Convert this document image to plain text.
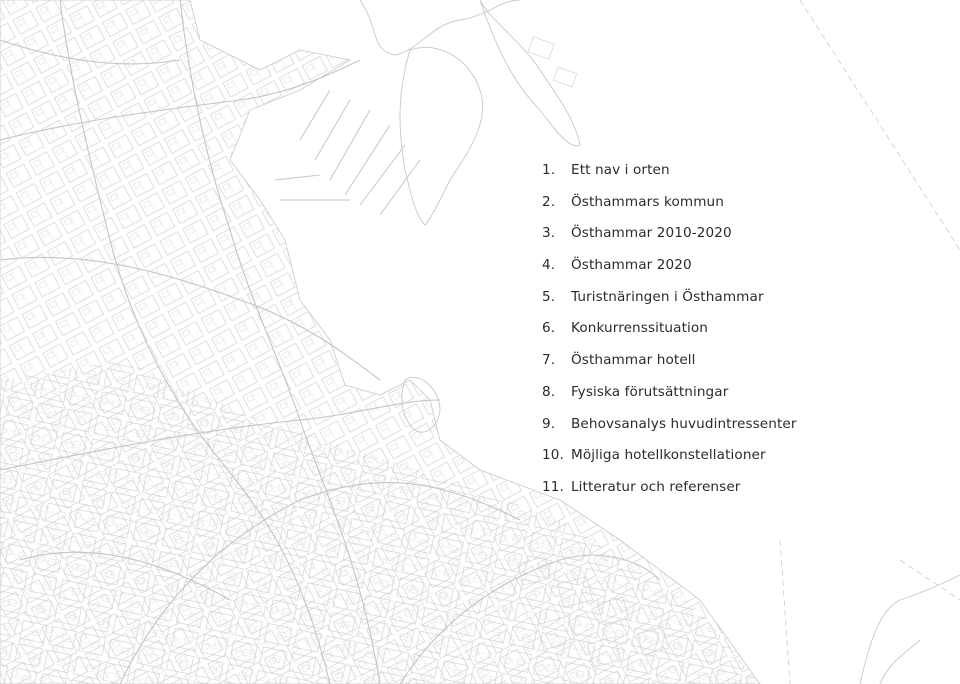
1.	Ett nav i orten
2.	Östhammars kommun
3.	Östhammar 2010-2020
4.	Östhammar 2020
5.	Turistnäringen i Östhammar
6.	Konkurrenssituation
7.	Östhammar hotell
8.	Fysiska förutsättningar
9.	Behovsanalys huvudintressenter
10. Möjliga hotellkonstellationer
11. Litteratur och referenser
